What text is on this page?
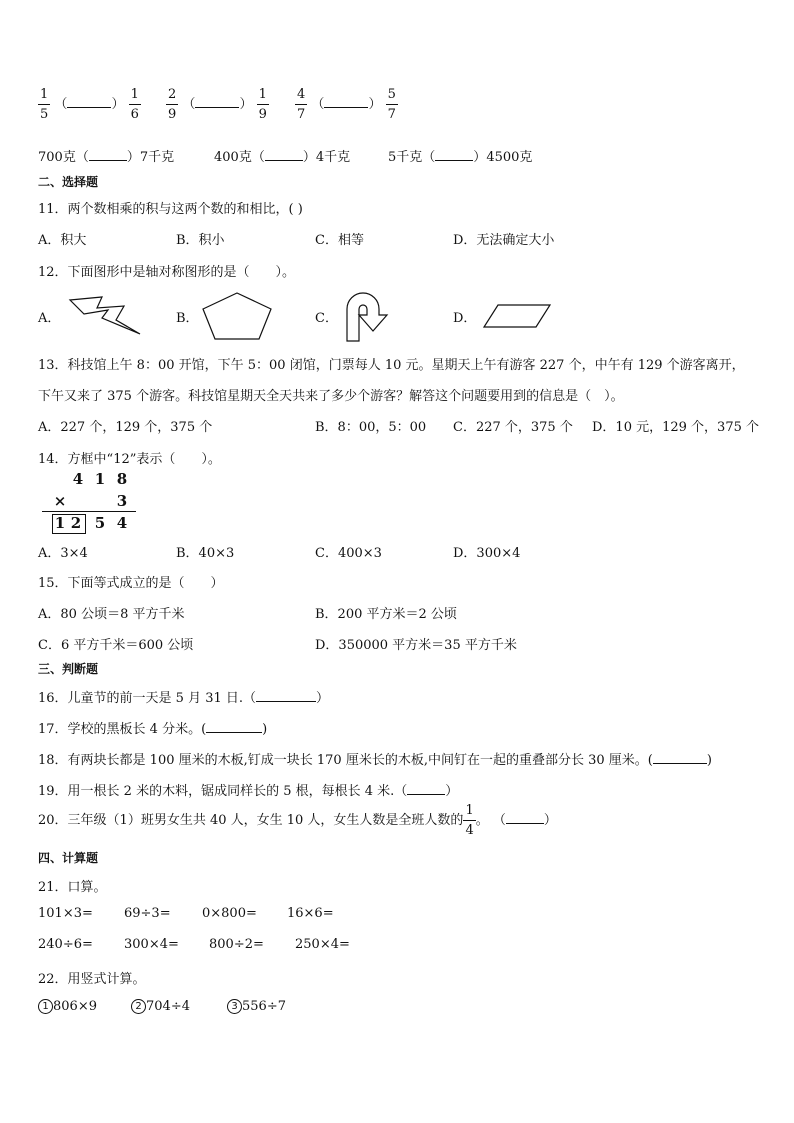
$\frac{1}{5}$ （	） $\frac{1}{6} \frac{2}{9}$ （	） $\frac{1}{9} \frac{4}{7}$ （	） $\frac{5}{7}$
700克（	）7千克	400克（	）4千克	5千克（	）4500克
二、选择题
11．两个数相乘的积与这两个数的和相比，( )
A．积大	B．积小	C．相等	D．无法确定大小
12．下面图形中是轴对称图形的是（　　）。
A．	B．	C．	D．
13．科技馆上午 8：00 开馆，下午 5：00 闭馆，门票每人 10 元。星期天上午有游客 227 个，中午有 129 个游客离开，
下午又来了 375 个游客。科技馆星期天全天共来了多少个游客？解答这个问题要用到的信息是（　）。
A．227 个，129 个，375 个	B．8：00，5：00 C．227 个，375 个 D．10 元，129 个，375 个
14．方框中“12”表示（　　）。
4 1 8
×	3
1 2 5 4
A．3×4	B．40×3	C．400×3	D．300×4
15．下面等式成立的是（　　）
A．80 公顷＝8 平方千米	B．200 平方米＝2 公顷
C．6 平方千米＝600 公顷	D．350000 平方米＝35 平方千米
三、判断题
16．儿童节的前一天是 5 月 31 日.（	）
17．学校的黑板长 4 分米。(	)
18．有两块长都是 100 厘米的木板,钉成一块长 170 厘米长的木板,中间钉在一起的重叠部分长 30 厘米。(	)
19．用一根长 2 米的木料，锯成同样长的 5 根，每根长 4 米.（	）
20．三年级（1）班男女生共 40 人，女生 10 人，女生人数是全班人数的 $\frac{1}{4}$ 。 （	）
四、计算题
21．口算。
101×3= 69÷3= 0×800= 16×6=
240÷6= 300×4= 800÷2= 250×4=
22．用竖式计算。
1 806×9	2 704÷4	3 556÷7
